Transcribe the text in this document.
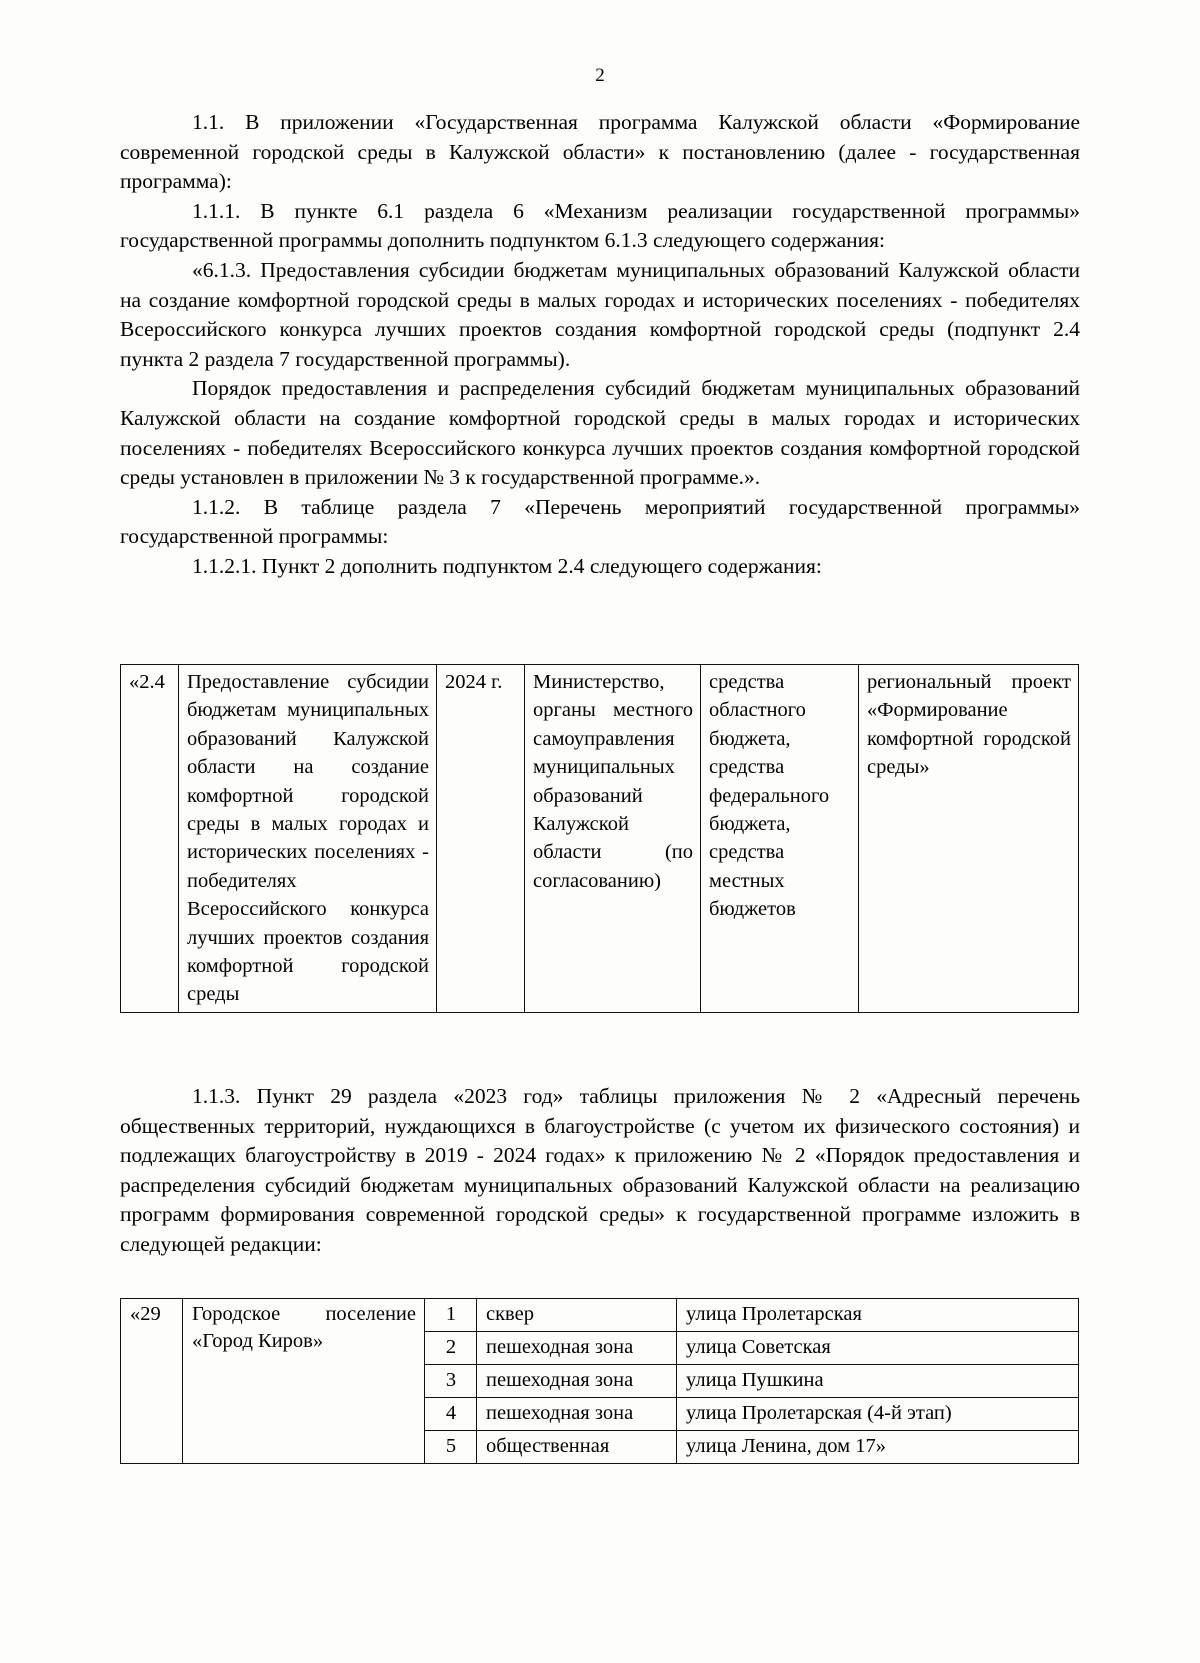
2

1.1. В приложении «Государственная программа Калужской области «Формирование современной городской среды в Калужской области» к постановлению (далее - государственная программа):

1.1.1. В пункте 6.1 раздела 6 «Механизм реализации государственной программы» государственной программы дополнить подпунктом 6.1.3 следующего содержания:

«6.1.3. Предоставления субсидии бюджетам муниципальных образований Калужской области на создание комфортной городской среды в малых городах и исторических поселениях - победителях Всероссийского конкурса лучших проектов создания комфортной городской среды (подпункт 2.4 пункта 2 раздела 7 государственной программы).

Порядок предоставления и распределения субсидий бюджетам муниципальных образований Калужской области на создание комфортной городской среды в малых городах и исторических поселениях - победителях Всероссийского конкурса лучших проектов создания комфортной городской среды установлен в приложении № 3 к государственной программе.».

1.1.2. В таблице раздела 7 «Перечень мероприятий государственной программы» государственной программы:

1.1.2.1. Пункт 2 дополнить подпунктом 2.4 следующего содержания:

«2.4	Предоставление субсидии бюджетам муниципальных образований Калужской области на создание комфортной городской среды в малых городах и исторических поселениях - победителях Всероссийского конкурса лучших проектов создания комфортной городской среды	2024 г.	Министерство, органы местного самоуправления муниципальных образований Калужской области (по согласованию)	средства областного бюджета, средства федерального бюджета, средства местных бюджетов	региональный проект «Формирование комфортной городской среды»

1.1.3. Пункт 29 раздела «2023 год» таблицы приложения № 2 «Адресный перечень общественных территорий, нуждающихся в благоустройстве (с учетом их физического состояния) и подлежащих благоустройству в 2019 - 2024 годах» к приложению № 2 «Порядок предоставления и распределения субсидий бюджетам муниципальных образований Калужской области на реализацию программ формирования современной городской среды» к государственной программе изложить в следующей редакции:

«29	Городское поселение «Город Киров»	1	сквер	улица Пролетарская
		2	пешеходная зона	улица Советская
		3	пешеходная зона	улица Пушкина
		4	пешеходная зона	улица Пролетарская (4-й этап)
		5	общественная	улица Ленина, дом 17»
